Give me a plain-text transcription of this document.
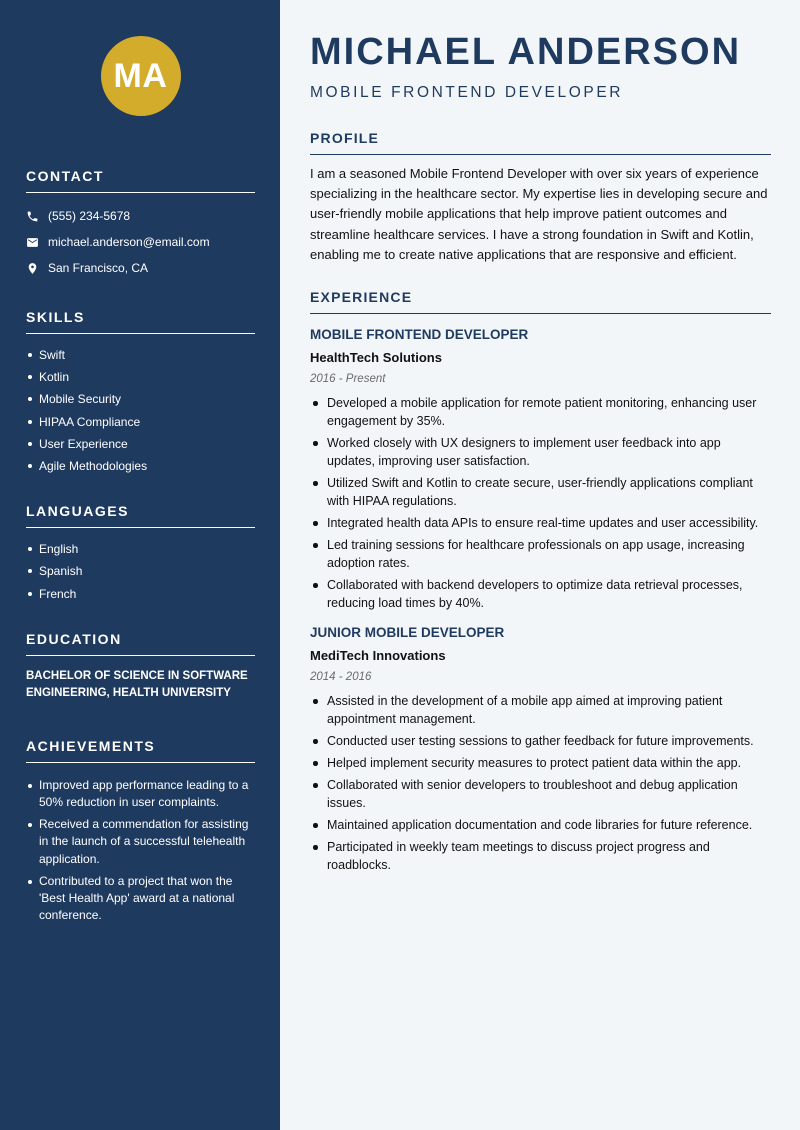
MA
CONTACT
(555) 234-5678
michael.anderson@email.com
San Francisco, CA
SKILLS
Swift
Kotlin
Mobile Security
HIPAA Compliance
User Experience
Agile Methodologies
LANGUAGES
English
Spanish
French
EDUCATION
BACHELOR OF SCIENCE IN SOFTWARE ENGINEERING, HEALTH UNIVERSITY
ACHIEVEMENTS
Improved app performance leading to a 50% reduction in user complaints.
Received a commendation for assisting in the launch of a successful telehealth application.
Contributed to a project that won the 'Best Health App' award at a national conference.
MICHAEL ANDERSON
MOBILE FRONTEND DEVELOPER
PROFILE

I am a seasoned Mobile Frontend Developer with over six years of experience specializing in the healthcare sector. My expertise lies in developing secure and user-friendly mobile applications that help improve patient outcomes and streamline healthcare services. I have a strong foundation in Swift and Kotlin, enabling me to create native applications that are responsive and efficient.

EXPERIENCE
MOBILE FRONTEND DEVELOPER
HealthTech Solutions
2016 - Present
Developed a mobile application for remote patient monitoring, enhancing user engagement by 35%.
Worked closely with UX designers to implement user feedback into app updates, improving user satisfaction.
Utilized Swift and Kotlin to create secure, user-friendly applications compliant with HIPAA regulations.
Integrated health data APIs to ensure real-time updates and user accessibility.
Led training sessions for healthcare professionals on app usage, increasing adoption rates.
Collaborated with backend developers to optimize data retrieval processes, reducing load times by 40%.
JUNIOR MOBILE DEVELOPER
MediTech Innovations
2014 - 2016
Assisted in the development of a mobile app aimed at improving patient appointment management.
Conducted user testing sessions to gather feedback for future improvements.
Helped implement security measures to protect patient data within the app.
Collaborated with senior developers to troubleshoot and debug application issues.
Maintained application documentation and code libraries for future reference.
Participated in weekly team meetings to discuss project progress and roadblocks.
